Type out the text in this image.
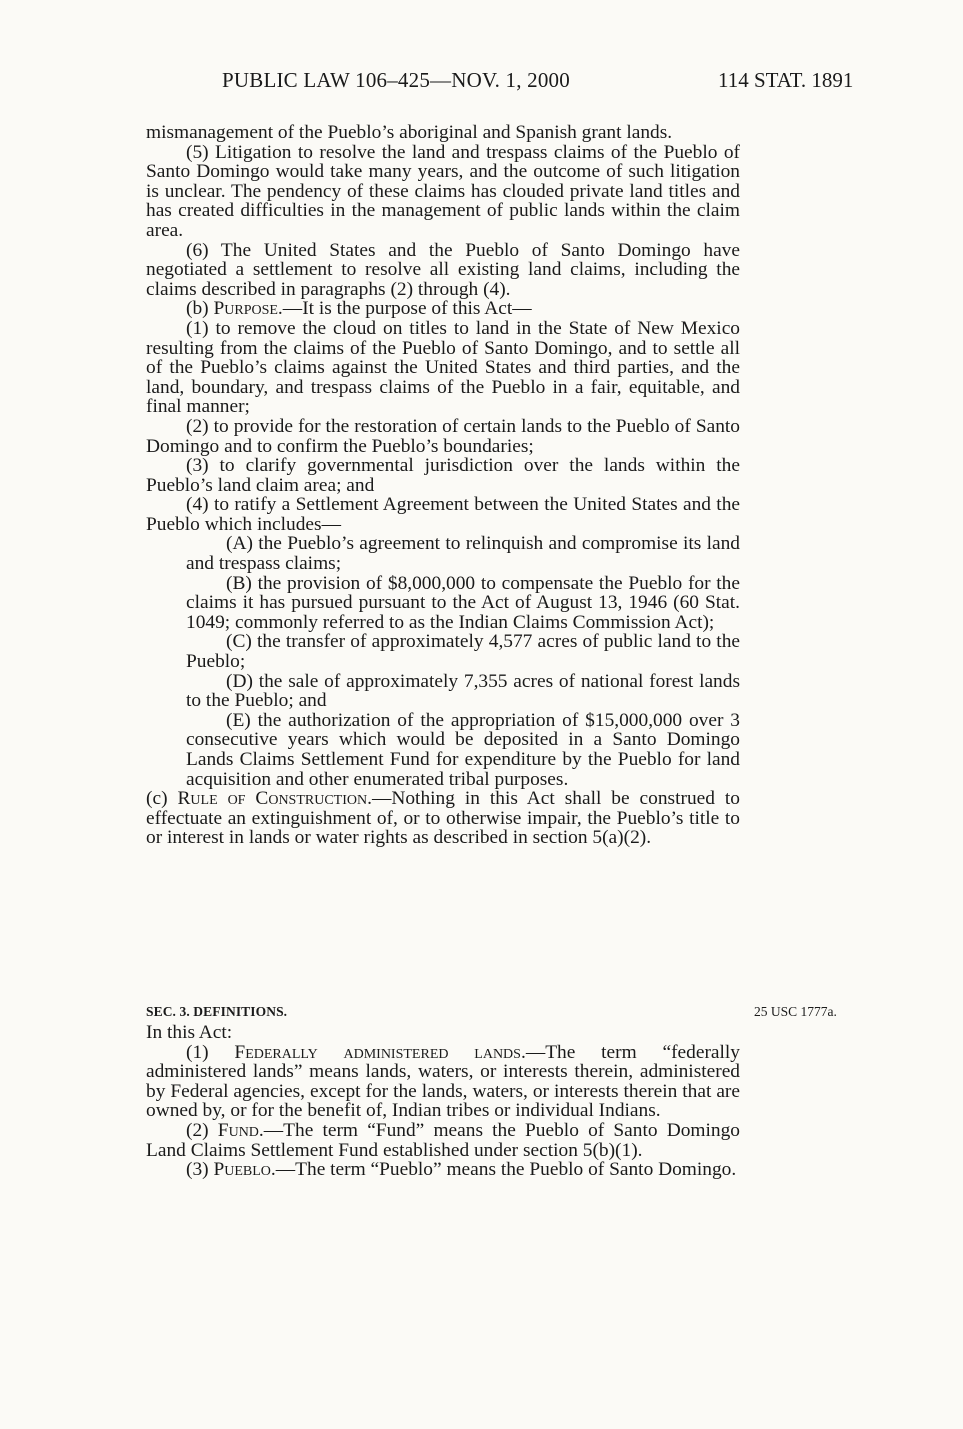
PUBLIC LAW 106–425—NOV. 1, 2000	114 STAT. 1891

mismanagement of the Pueblo’s aboriginal and Spanish grant lands.

(5) Litigation to resolve the land and trespass claims of the Pueblo of Santo Domingo would take many years, and the outcome of such litigation is unclear. The pendency of these claims has clouded private land titles and has created difficulties in the management of public lands within the claim area.

(6) The United States and the Pueblo of Santo Domingo have negotiated a settlement to resolve all existing land claims, including the claims described in paragraphs (2) through (4).

(b) Purpose.—It is the purpose of this Act—

(1) to remove the cloud on titles to land in the State of New Mexico resulting from the claims of the Pueblo of Santo Domingo, and to settle all of the Pueblo’s claims against the United States and third parties, and the land, boundary, and trespass claims of the Pueblo in a fair, equitable, and final manner;

(2) to provide for the restoration of certain lands to the Pueblo of Santo Domingo and to confirm the Pueblo’s boundaries;

(3) to clarify governmental jurisdiction over the lands within the Pueblo’s land claim area; and

(4) to ratify a Settlement Agreement between the United States and the Pueblo which includes—

(A) the Pueblo’s agreement to relinquish and compromise its land and trespass claims;

(B) the provision of $8,000,000 to compensate the Pueblo for the claims it has pursued pursuant to the Act of August 13, 1946 (60 Stat. 1049; commonly referred to as the Indian Claims Commission Act);

(C) the transfer of approximately 4,577 acres of public land to the Pueblo;

(D) the sale of approximately 7,355 acres of national forest lands to the Pueblo; and

(E) the authorization of the appropriation of $15,000,000 over 3 consecutive years which would be deposited in a Santo Domingo Lands Claims Settlement Fund for expenditure by the Pueblo for land acquisition and other enumerated tribal purposes.

(c) Rule of Construction.—Nothing in this Act shall be construed to effectuate an extinguishment of, or to otherwise impair, the Pueblo’s title to or interest in lands or water rights as described in section 5(a)(2).

SEC. 3. DEFINITIONS.

In this Act:

(1) Federally administered lands.—The term “federally administered lands” means lands, waters, or interests therein, administered by Federal agencies, except for the lands, waters, or interests therein that are owned by, or for the benefit of, Indian tribes or individual Indians.

(2) Fund.—The term “Fund” means the Pueblo of Santo Domingo Land Claims Settlement Fund established under section 5(b)(1).

(3) Pueblo.—The term “Pueblo” means the Pueblo of Santo Domingo.

25 USC 1777a.
